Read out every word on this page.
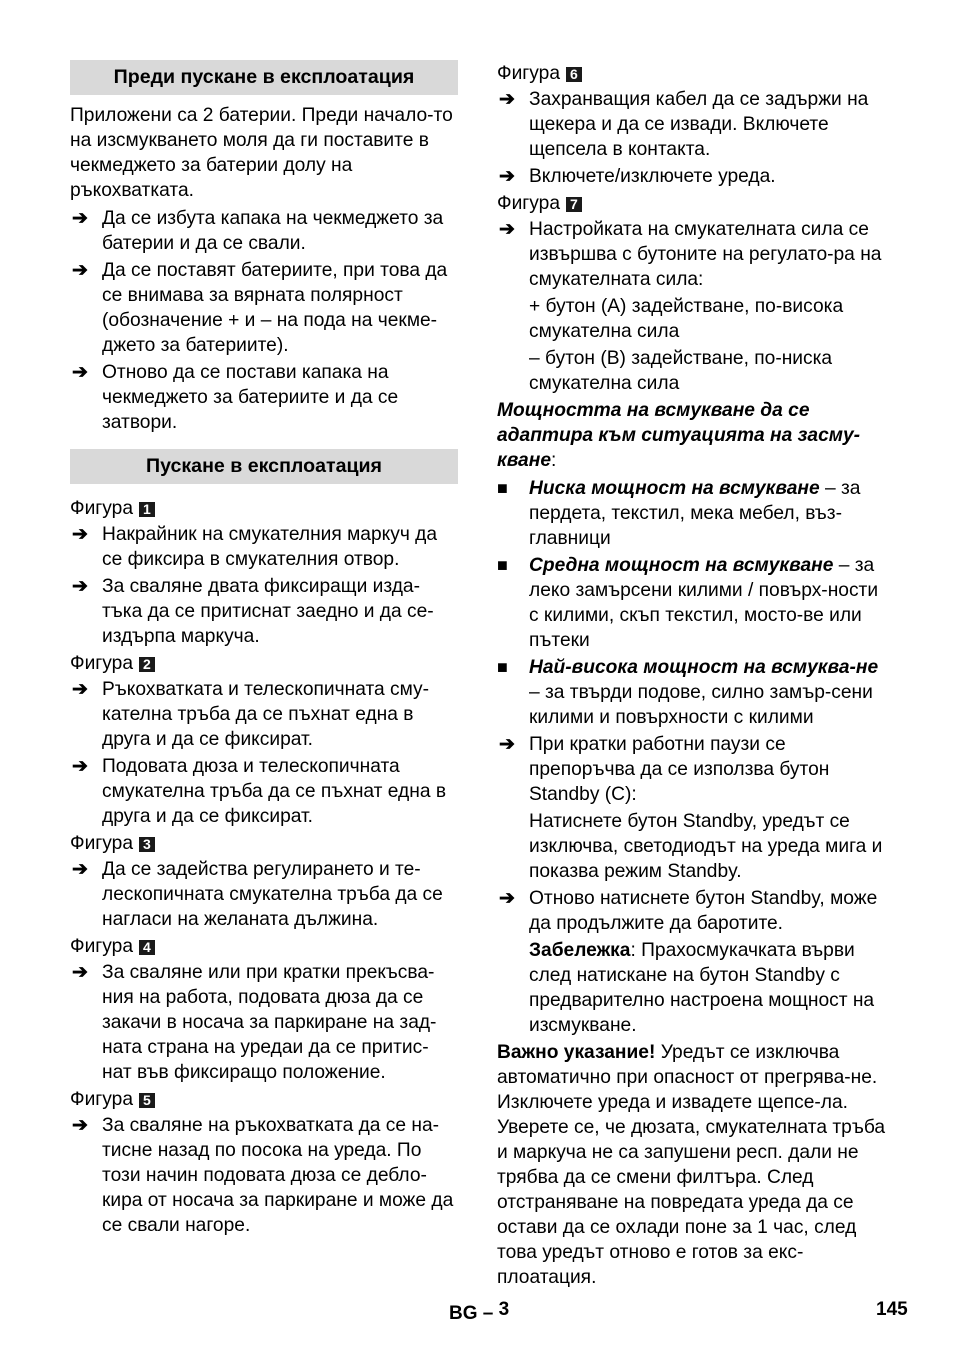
Преди пускане в експлоатация
Приложени са 2 батерии. Преди начало-то на изсмукването моля да ги поставите в чекмеджето за батерии долу на ръкохватката.
➔ Да се избута капака на чекмеджето за батерии и да се свали.
➔ Да се поставят батериите, при това да се внимава за вярната полярност (обозначение + и – на пода на чекме-джето за батериите).
➔ Отново да се постави капака на чекмеджето за батериите и да се затвори.
Пускане в експлоатация
Фигура 1
➔ Накрайник на смукателния маркуч да се фиксира в смукателния отвор.
➔ За сваляне двата фиксиращи изда-тъка да се притиснат заедно и да се-издърпа маркуча.
Фигура 2
➔ Ръкохватката и телескопичната сму-кателна тръба да се пъхнат една в друга и да се фиксират.
➔ Подовата дюза и телескопичната смукателна тръба да се пъхнат една в друга и да се фиксират.
Фигура 3
➔ Да се задейства регулирането и те-лескопичната смукателна тръба да се нагласи на желаната дължина.
Фигура 4
➔ За сваляне или при кратки прекъсва-ния на работа, подовата дюза да се закачи в носача за паркиране на зад-ната страна на уредаи да се притис-нат във фиксиращо положение.
Фигура 5
➔ За сваляне на ръкохватката да се на-тисне назад по посока на уреда. По този начин подовата дюза се дебло-кира от носача за паркиране и може да се свали нагоре.
Фигура 6
➔ Захранващия кабел да се задържи на щекера и да се извади. Включете щепсела в контакта.
➔ Включете/изключете уреда.
Фигура 7
➔ Настройката на смукателната сила се извършва с бутоните на регулато-ра на смукателната сила:
+ бутон (A) задействане, по-висока смукателна сила
– бутон (B) задействане, по-ниска смукателна сила
Мощността на всмукване да се адаптира към ситуацията на засму-кване:
■ Ниска мощност на всмукване – за пердета, текстил, мека мебел, въз-главници
■ Средна мощност на всмукване – за леко замърсени килими / повърх-ности с килими, скъп текстил, мосто-ве или пътеки
■ Най-висока мощност на всмуква-не – за твърди подове, силно замър-сени килими и повърхности с килими
➔ При кратки работни паузи се препоръчва да се използва бутон Standby (C):
Натиснете бутон Standby, уредът се изключва, светодиодът на уреда мига и показва режим Standby.
➔ Отново натиснете бутон Standby, може да продължите да баротите.
Забележка: Прахосмукачката върви след натискане на бутон Standby с предварително настроена мощност на изсмукване.
Важно указание! Уредът се изключва автоматично при опасност от прегрява-не. Изключете уреда и извадете щепсе-ла. Уверете се, че дюзата, смукателната тръба и маркуча не са запушени респ. дали не трябва да се смени филтъра. След отстраняване на повредата уреда да се остави да се охлади поне за 1 час, след това уредът отново е готов за екс-плоатация.
BG – 3	145
